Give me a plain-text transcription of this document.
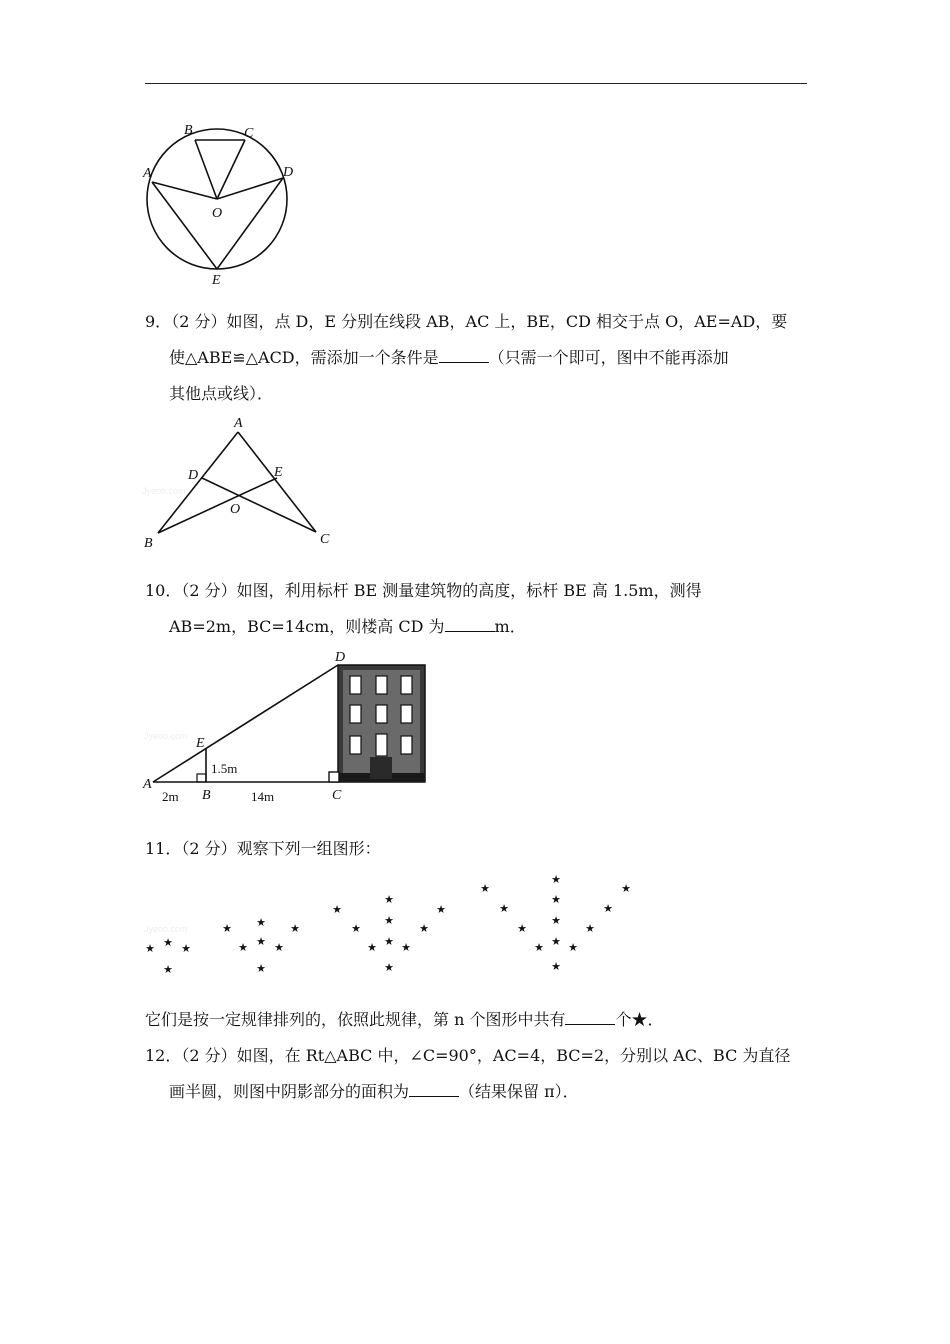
B	C
A	D
O
E
9．（2 分）如图，点 D，E 分别在线段 AB，AC 上，BE，CD 相交于点 O，AE=AD，要
使△ABE≌△ACD，需添加一个条件是	（只需一个即可，图中不能再添加
其他点或线）．
Jyeoo.com
A
D	E
O
B	C
10．（2 分）如图，利用标杆 BE 测量建筑物的高度，标杆 BE 高 1.5m，测得
AB=2m，BC=14cm，则楼高 CD 为	m．
Jyeoo.com
D
E
A
B	C
1.5m
2m	14m
11．（2 分）观察下列一组图形：
Jyeoo.com
★ ★ ★
★
★ ★ ★
★ ★ ★
★
★
★
★
★
★
★
★ ★ ★
★
★
★
★
★
★
★
★
★
★
★ ★ ★
★
它们是按一定规律排列的，依照此规律，第 n 个图形中共有	个★．
12．（2 分）如图，在 Rt△ABC 中，∠C=90°，AC=4，BC=2，分别以 AC、BC 为直径
画半圆，则图中阴影部分的面积为	（结果保留 π）．
